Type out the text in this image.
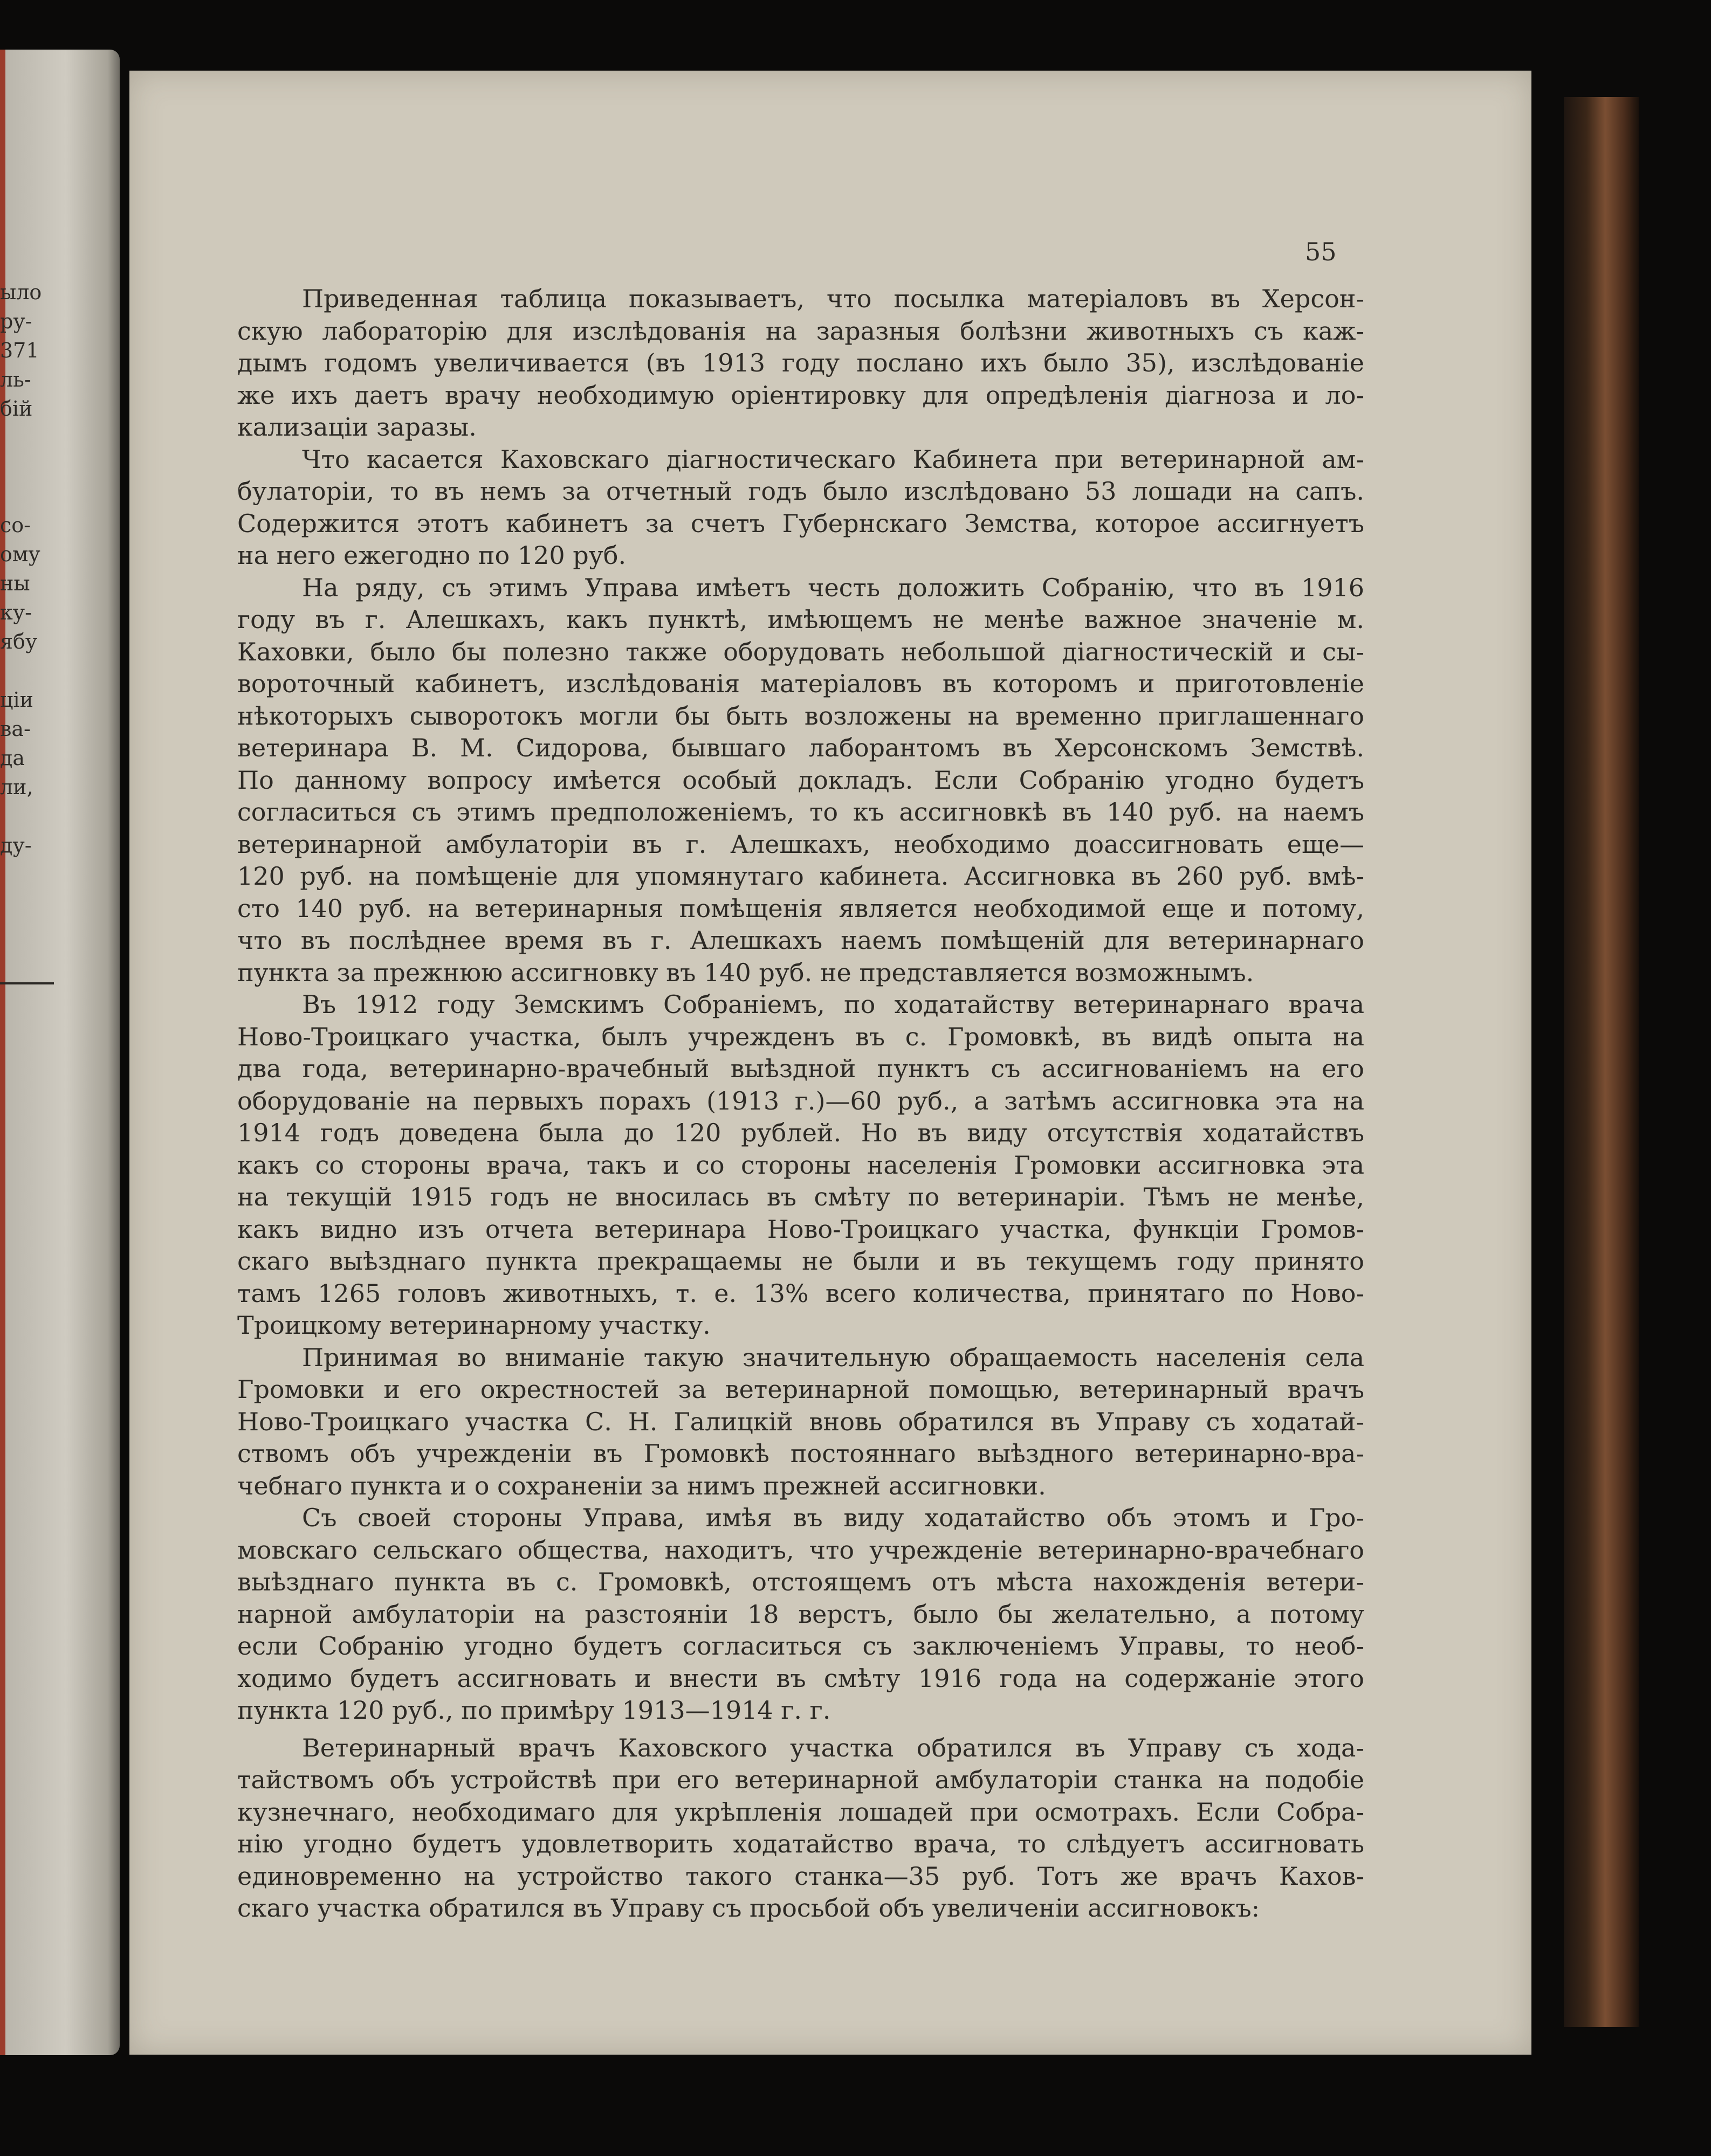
ыло
ру-
371
ль-
бій

со-
ому
ны
ку-
ябу

ціи
ва-
да
ли,

ду-
55
Приведенная таблица показываетъ, что посылка матеріаловъ въ Херсон-
скую лабораторію для изслѣдованія на заразныя болѣзни животныхъ съ каж-
дымъ годомъ увеличивается (въ 1913 году послано ихъ было 35), изслѣдованіе
же ихъ даетъ врачу необходимую оріентировку для опредѣленія діагноза и ло-
кализаціи заразы.
Что касается Каховскаго діагностическаго Кабинета при ветеринарной ам-
булаторіи, то въ немъ за отчетный годъ было изслѣдовано 53 лошади на сапъ.
Содержится этотъ кабинетъ за счетъ Губернскаго Земства, которое ассигнуетъ
на него ежегодно по 120 руб.
На ряду, съ этимъ Управа имѣетъ честь доложить Собранію, что въ 1916
году въ г. Алешкахъ, какъ пунктѣ, имѣющемъ не менѣе важное значеніе м.
Каховки, было бы полезно также оборудовать небольшой діагностическій и сы-
вороточный кабинетъ, изслѣдованія матеріаловъ въ которомъ и приготовленіе
нѣкоторыхъ сыворотокъ могли бы быть возложены на временно приглашеннаго
ветеринара В. М. Сидорова, бывшаго лаборантомъ въ Херсонскомъ Земствѣ.
По данному вопросу имѣется особый докладъ. Если Собранію угодно будетъ
согласиться съ этимъ предположеніемъ, то къ ассигновкѣ въ 140 руб. на наемъ
ветеринарной амбулаторіи въ г. Алешкахъ, необходимо доассигновать еще—
120 руб. на помѣщеніе для упомянутаго кабинета. Ассигновка въ 260 руб. вмѣ-
сто 140 руб. на ветеринарныя помѣщенія является необходимой еще и потому,
что въ послѣднее время въ г. Алешкахъ наемъ помѣщеній для ветеринарнаго
пункта за прежнюю ассигновку въ 140 руб. не представляется возможнымъ.
Въ 1912 году Земскимъ Собраніемъ, по ходатайству ветеринарнаго врача
Ново-Троицкаго участка, былъ учрежденъ въ с. Громовкѣ, въ видѣ опыта на
два года, ветеринарно-врачебный выѣздной пунктъ съ ассигнованіемъ на его
оборудованіе на первыхъ порахъ (1913 г.)—60 руб., а затѣмъ ассигновка эта на
1914 годъ доведена была до 120 рублей. Но въ виду отсутствія ходатайствъ
какъ со стороны врача, такъ и со стороны населенія Громовки ассигновка эта
на текущій 1915 годъ не вносилась въ смѣту по ветеринаріи. Тѣмъ не менѣе,
какъ видно изъ отчета ветеринара Ново-Троицкаго участка, функціи Громов-
скаго выѣзднаго пункта прекращаемы не были и въ текущемъ году принято
тамъ 1265 головъ животныхъ, т. е. 13% всего количества, принятаго по Ново-
Троицкому ветеринарному участку.
Принимая во вниманіе такую значительную обращаемость населенія села
Громовки и его окрестностей за ветеринарной помощью, ветеринарный врачъ
Ново-Троицкаго участка С. Н. Галицкій вновь обратился въ Управу съ ходатай-
ствомъ объ учрежденіи въ Громовкѣ постояннаго выѣздного ветеринарно-вра-
чебнаго пункта и о сохраненіи за нимъ прежней ассигновки.
Съ своей стороны Управа, имѣя въ виду ходатайство объ этомъ и Гро-
мовскаго сельскаго общества, находитъ, что учрежденіе ветеринарно-врачебнаго
выѣзднаго пункта въ с. Громовкѣ, отстоящемъ отъ мѣста нахожденія ветери-
нарной амбулаторіи на разстояніи 18 верстъ, было бы желательно, а потому
если Собранію угодно будетъ согласиться съ заключеніемъ Управы, то необ-
ходимо будетъ ассигновать и внести въ смѣту 1916 года на содержаніе этого
пункта 120 руб., по примѣру 1913—1914 г. г.
Ветеринарный врачъ Каховского участка обратился въ Управу съ хода-
тайствомъ объ устройствѣ при его ветеринарной амбулаторіи станка на подобіе
кузнечнаго, необходимаго для укрѣпленія лошадей при осмотрахъ. Если Собра-
нію угодно будетъ удовлетворить ходатайство врача, то слѣдуетъ ассигновать
единовременно на устройство такого станка—35 руб. Тотъ же врачъ Кахов-
скаго участка обратился въ Управу съ просьбой объ увеличеніи ассигновокъ:
